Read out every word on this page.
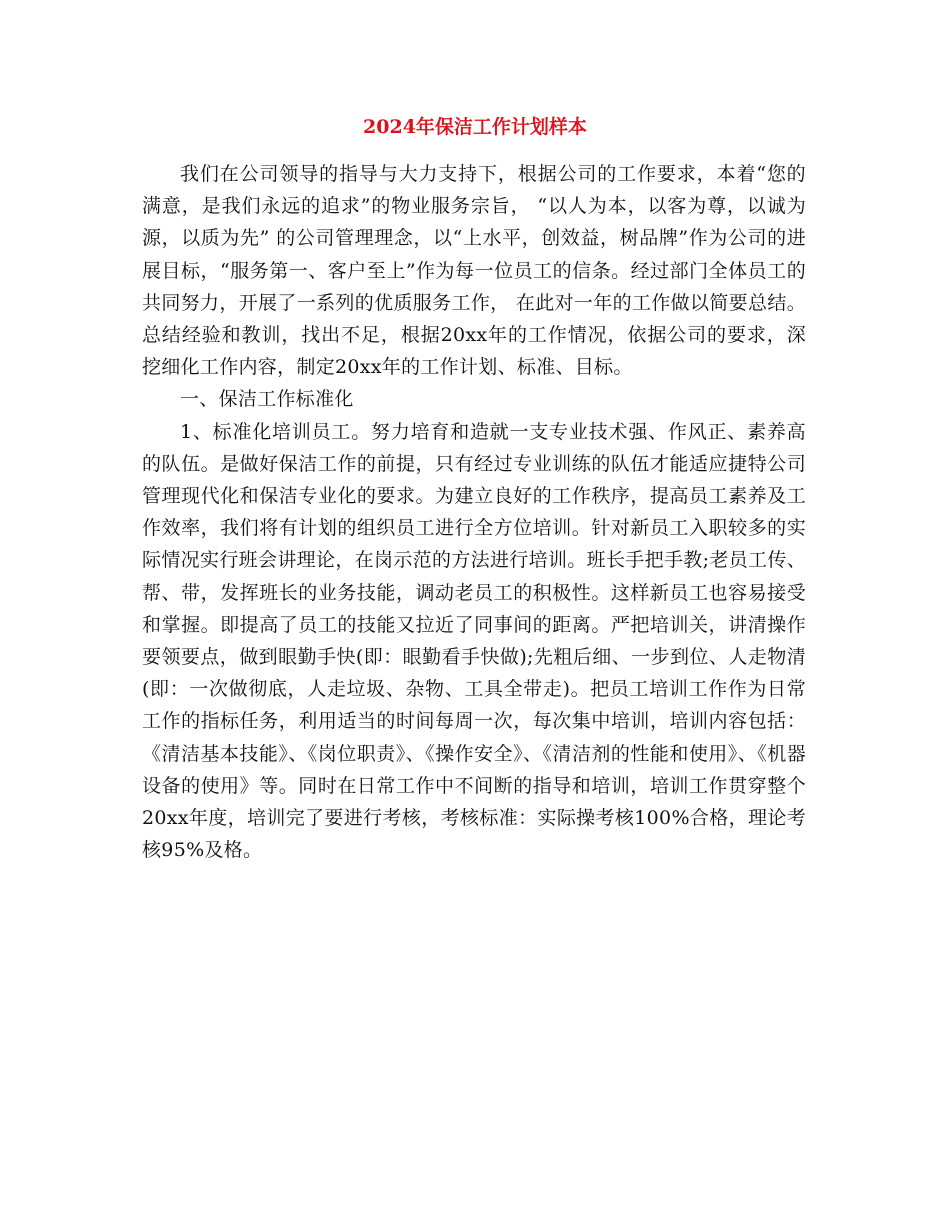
2024年保洁工作计划样本

我们在公司领导的指导与大力支持下，根据公司的工作要求，本着“您的满意，是我们永远的追求”的物业服务宗旨， “以人为本，以客为尊，以诚为源，以质为先” 的公司管理理念，以“上水平，创效益，树品牌”作为公司的进展目标，“服务第一、客户至上”作为每一位员工的信条。经过部门全体员工的共同努力，开展了一系列的优质服务工作， 在此对一年的工作做以简要总结。总结经验和教训，找出不足，根据20xx年的工作情况，依据公司的要求，深挖细化工作内容，制定20xx年的工作计划、标准、目标。

一、保洁工作标准化

1、标准化培训员工。努力培育和造就一支专业技术强、作风正、素养高的队伍。是做好保洁工作的前提，只有经过专业训练的队伍才能适应捷特公司管理现代化和保洁专业化的要求。为建立良好的工作秩序，提高员工素养及工作效率，我们将有计划的组织员工进行全方位培训。针对新员工入职较多的实际情况实行班会讲理论，在岗示范的方法进行培训。班长手把手教;老员工传、帮、带，发挥班长的业务技能，调动老员工的积极性。这样新员工也容易接受和掌握。即提高了员工的技能又拉近了同事间的距离。严把培训关，讲清操作要领要点，做到眼勤手快(即：眼勤看手快做);先粗后细、一步到位、人走物清(即：一次做彻底，人走垃圾、杂物、工具全带走)。把员工培训工作作为日常工作的指标任务，利用适当的时间每周一次，每次集中培训，培训内容包括：《清洁基本技能》、《岗位职责》、《操作安全》、《清洁剂的性能和使用》、《机器设备的使用》等。同时在日常工作中不间断的指导和培训，培训工作贯穿整个20xx年度，培训完了要进行考核，考核标准：实际操考核100%合格，理论考核95%及格。
